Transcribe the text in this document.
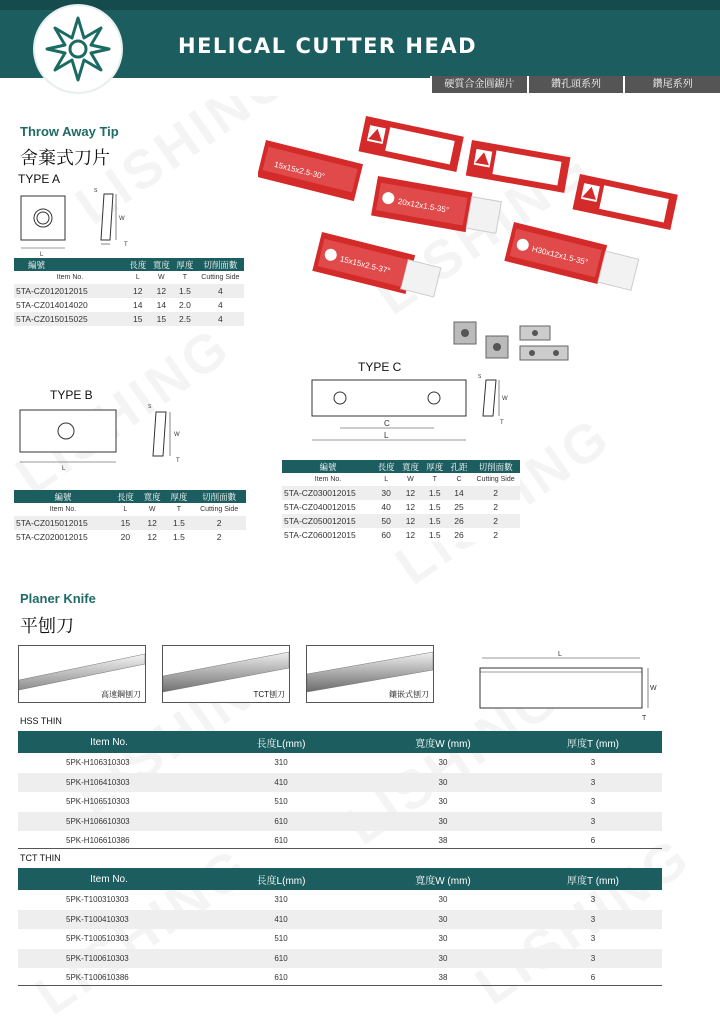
HELICAL CUTTER HEAD
硬質合金圓鋸片	鑽孔頭系列	鑽尾系列
Throw Away Tip
舍棄式刀片
TYPE A
L
W
T
S
編號	長度	寬度	厚度	切削面數
Item No.	L	W	T	Cutting Side
5TA-CZ012012015	12	12	1.5	4
5TA-CZ014014020	14	14	2.0	4
5TA-CZ015015025	15	15	2.5	4
15x15x2.5-30°
20x12x1.5-35°
15x15x2.5-37°	H30x12x1.5-35°
TYPE C
C
L
W
T
S
TYPE B
L
W
T
S
編號	長度	寬度	厚度	切削面數
Item No.	L	W	T	Cutting Side
5TA-CZ015012015	15	12	1.5	2
5TA-CZ020012015	20	12	1.5	2
編號	長度	寬度	厚度	孔距	切削面數
Item No.	L	W	T	C	Cutting Side
5TA-CZ030012015	30	12	1.5	14	2
5TA-CZ040012015	40	12	1.5	25	2
5TA-CZ050012015	50	12	1.5	26	2
5TA-CZ060012015	60	12	1.5	26	2
Planer Knife
平刨刀
高速鋼刨刀	TCT刨刀	鑲嵌式刨刀
L
W
T
HSS THIN
Item No.	長度L(mm)	寬度W (mm)	厚度T (mm)
5PK-H106310303	310	30	3
5PK-H106410303	410	30	3
5PK-H106510303	510	30	3
5PK-H106610303	610	30	3
5PK-H106610386	610	38	6
TCT THIN
Item No.	長度L(mm)	寬度W (mm)	厚度T (mm)
5PK-T100310303	310	30	3
5PK-T100410303	410	30	3
5PK-T100510303	510	30	3
5PK-T100610303	610	30	3
5PK-T100610386	610	38	6
